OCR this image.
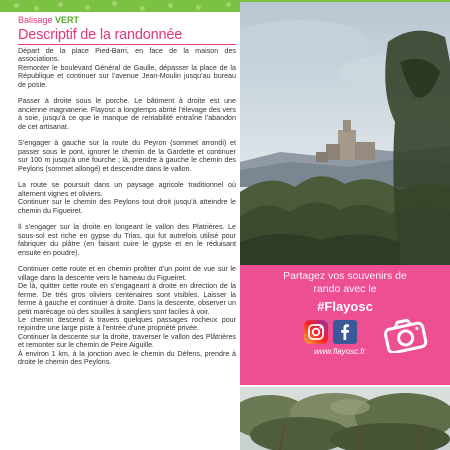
Balisage VERT
Descriptif de la randonnée

Départ de la place Pied-Barri, en face de la maison des associations.

Remonter le boulevard Général de Gaulle, dépasser la place de la République et continuer sur l’avenue Jean-Moulin jusqu’au bureau de poste.

Passer à droite sous le porche. Le bâtiment à droite est une ancienne magnanerie. Flayosc a longtemps abrité l’élevage des vers à soie, jusqu’à ce que le manque de rentabilité entraîne l’abandon de cet artisanat.

S’engager à gauche sur la route du Peyron (sommet arrondi) et passer sous le pont, ignorer le chemin de la Gardette et continuer sur 100 m jusqu’à une fourche ; là, prendre à gauche le chemin des Peylons (sommet allongé) et descendre dans le vallon.

La route se poursuit dans un paysage agricole traditionnel où alternent vignes et oliviers.

Continuer sur le chemin des Peylons tout droit jusqu’à atteindre le chemin du Figueiret.

Il s’engager sur la droite en longeant le vallon des Platrières. Le sous-sol est riche en gypse du Trias, qui fut autrefois utilisé pour fabriquer du plâtre (en faisant cuire le gypse et en le réduisant ensuite en poudre).

Continuer cette route et en chemin profiter d’un point de vue sur le village dans la descente vers le hameau du Figueiret.

De là, quitter cette route en s’engageant à droite en direction de la ferme. De très gros oliviers centenaires sont visibles. Laisser la ferme à gauche et continuer à droite. Dans la descente, observer un petit marécage où des souilles à sangliers sont faciles à voir.

Le chemin descend à travers quelques passages rocheux pour rejoindre une large piste à l’entrée d’une propriété privée.

Continuer la descente sur la droite, traverser le vallon des Plâtrières et remonter sur le chemin de Peire Aiguille.

À environ 1 km, à la jonction avec le chemin du Défens, prendre à droite le chemin des Peylons.

Partagez vos souvenirs de
rando avec le
#Flayosc
www.flayosc.fr
